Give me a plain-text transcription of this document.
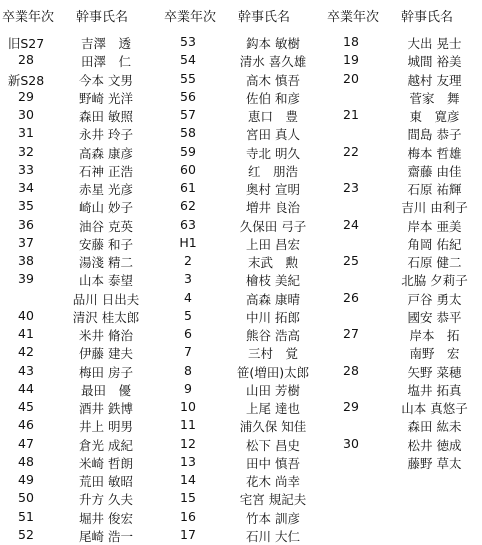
卒業年次 幹事氏名
旧S27	吉澤　透
28	田澤　仁
新S28	今本 文男
29	野崎 光洋
30	森田 敏照
31	永井 玲子
32	高森 康彦
33	石神 正浩
34	赤星 光彦
35	崎山 妙子
36	油谷 克英
37	安藤 和子
38	湯淺 精二
39	山本 泰望
品川 日出夫
40	清沢 桂太郎
41	米井 脩治
42	伊藤 建夫
43	梅田 房子
44	最田　優
45	酒井 鉄博
46	井上 明男
47	倉光 成紀
48	米崎 哲朗
49	荒田 敏昭
50	升方 久夫
51	堀井 俊宏
52	尾崎 浩一
卒業年次 幹事氏名
53	鈎本 敏樹
54	清水 喜久雄
55	高木 慎吾
56	佐伯 和彦
57	恵口　豊
58	宮田 真人
59	寺北 明久
60	红　朋浩
61	奥村 宣明
62	増井 良治
63	久保田 弓子
H1	上田 昌宏
2	末武　勲
3	檜枝 美紀
4	高森 康晴
5	中川 拓郎
6	熊谷 浩高
7	三村　覚
8	笹(増田)太郎
9	山田 芳樹
10	上尾 達也
11	浦久保 知佳
12	松下 昌史
13	田中 慎吾
14	花木 尚幸
15	宅宮 規記夫
16	竹本 訓彦
17	石川 大仁
卒業年次 幹事氏名
18	大出 晃士
19	城間 裕美
20	越村 友理
菅家　舞
21	東　寛彦
間島 恭子
22	梅本 哲雄
齋藤 由佳
23	石原 祐輝
吉川 由利子
24	岸本 亜美
角岡 佑紀
25	石原 健二
北脇 夕莉子
26	戸谷 勇太
國安 恭平
27	岸本　拓
南野　宏
28	矢野 菜穂
塩井 拓真
29	山本 真悠子
森田 紘未
30	松井 徳成
藤野 草太
